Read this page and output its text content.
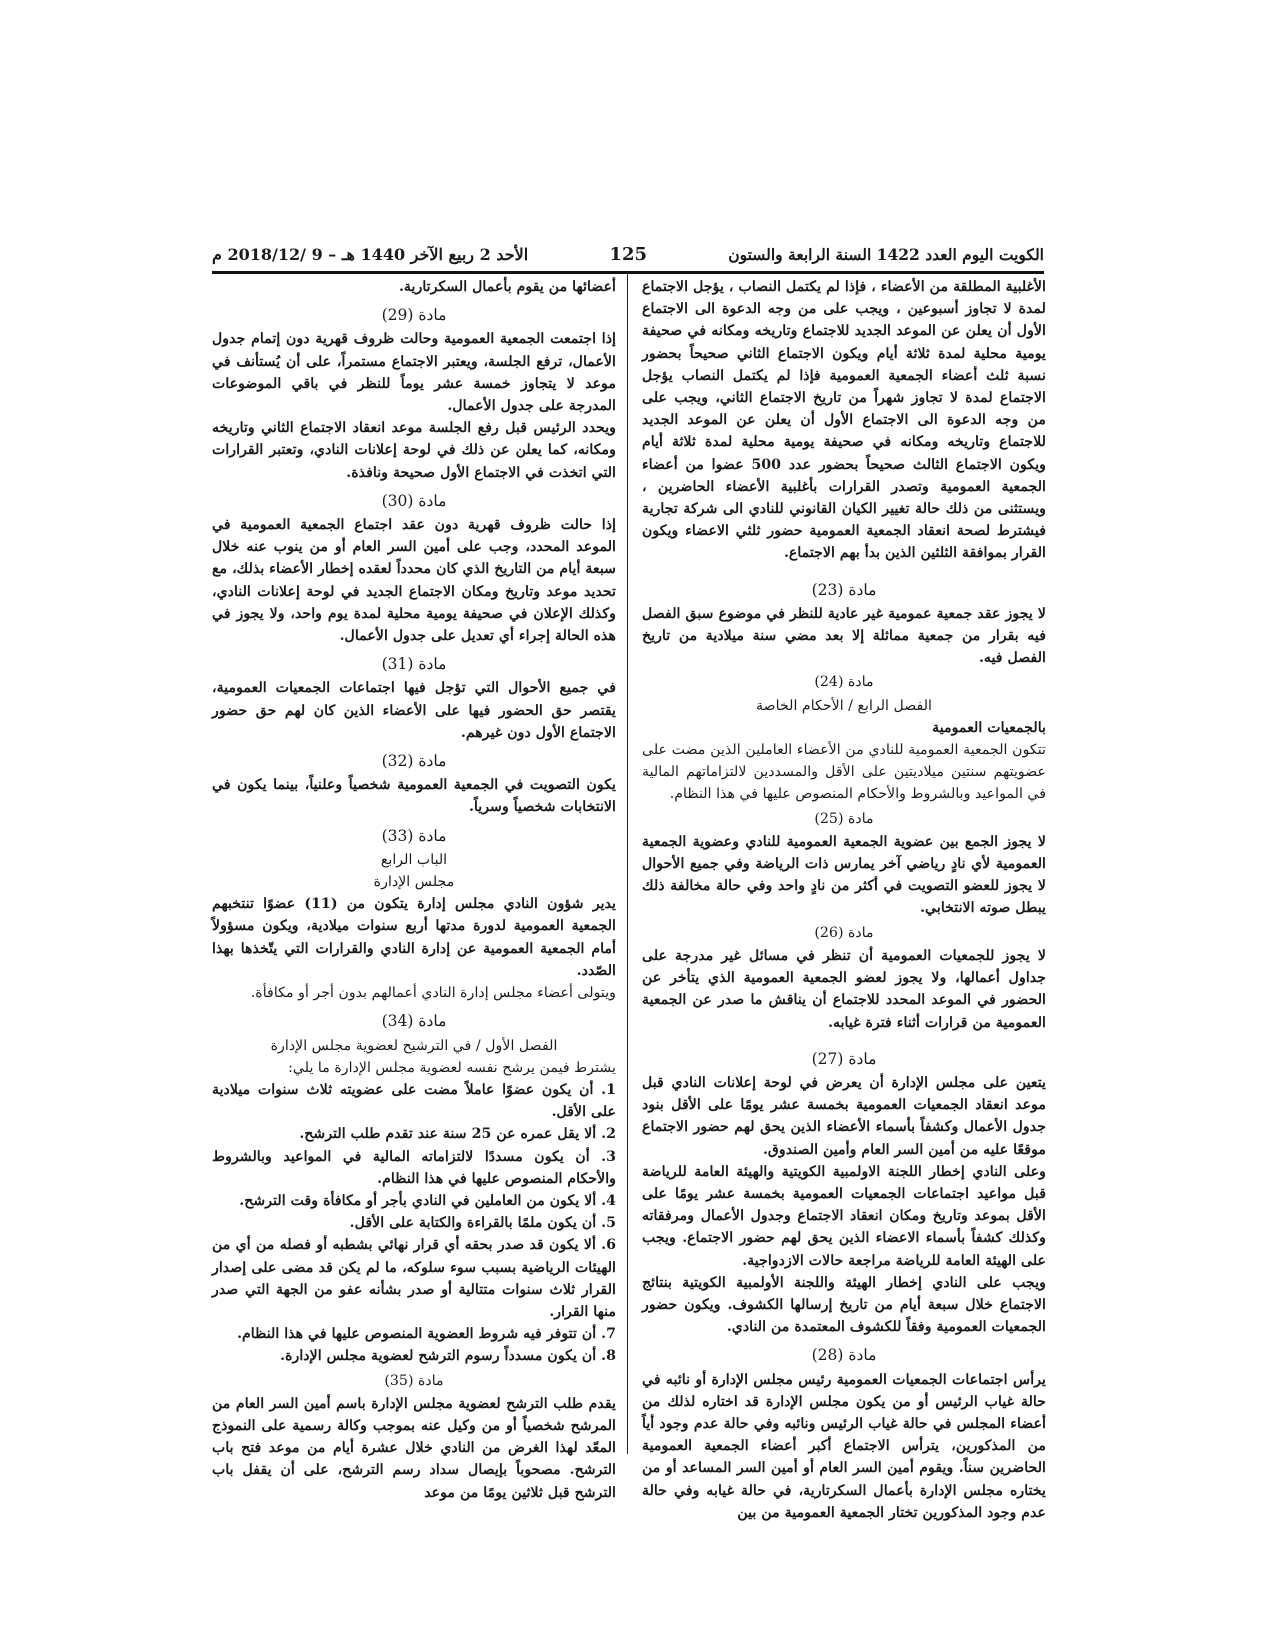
الكويت اليوم العدد 1422 السنة الرابعة والستون
125
الأحد 2 ربيع الآخر 1440 هـ – 9 /2018/12 م

الأغلبية المطلقة من الأعضاء ، فإذا لم يكتمل النصاب ، يؤجل الاجتماع لمدة لا تجاوز أسبوعين ، ويجب على من وجه الدعوة الى الاجتماع الأول أن يعلن عن الموعد الجديد للاجتماع وتاريخه ومكانه في صحيفة يومية محلية لمدة ثلاثة أيام ويكون الاجتماع الثاني صحيحاً بحضور نسبة ثلث أعضاء الجمعية العمومية فإذا لم يكتمل النصاب يؤجل الاجتماع لمدة لا تجاوز شهراً من تاريخ الاجتماع الثاني، ويجب على من وجه الدعوة الى الاجتماع الأول أن يعلن عن الموعد الجديد للاجتماع وتاريخه ومكانه في صحيفة يومية محلية لمدة ثلاثة أيام ويكون الاجتماع الثالث صحيحاً بحضور عدد 500 عضوا من أعضاء الجمعية العمومية وتصدر القرارات بأغلبية الأعضاء الحاضرين ، ويستثنى من ذلك حالة تغيير الكيان القانوني للنادي الى شركة تجارية فيشترط لصحة انعقاد الجمعية العمومية حضور ثلثي الاعضاء ويكون القرار بموافقة الثلثين الذين بدأ بهم الاجتماع.

مادة (23)

لا يجوز عقد جمعية عمومية غير عادية للنظر في موضوع سبق الفصل فيه بقرار من جمعية مماثلة إلا بعد مضي سنة ميلادية من تاريخ الفصل فيه.

مادة (24)

الفصل الرابع / الأحكام الخاصة

بالجمعيات العمومية

تتكون الجمعية العمومية للنادي من الأعضاء العاملين الذين مضت على عضويتهم سنتين ميلاديتين على الأقل والمسددين لالتزاماتهم المالية في المواعيد وبالشروط والأحكام المنصوص عليها في هذا النظام.

مادة (25)

لا يجوز الجمع بين عضوية الجمعية العمومية للنادي وعضوية الجمعية العمومية لأي نادٍ رياضي آخر يمارس ذات الرياضة وفي جميع الأحوال لا يجوز للعضو التصويت في أكثر من نادٍ واحد وفي حالة مخالفة ذلك يبطل صوته الانتخابي.

مادة (26)

لا يجوز للجمعيات العمومية أن تنظر في مسائل غير مدرجة على جداول أعمالها، ولا يجوز لعضو الجمعية العمومية الذي يتأخر عن الحضور في الموعد المحدد للاجتماع أن يناقش ما صدر عن الجمعية العمومية من قرارات أثناء فترة غيابه.

مادة (27)

يتعين على مجلس الإدارة أن يعرض في لوحة إعلانات النادي قبل موعد انعقاد الجمعيات العمومية بخمسة عشر يومًا على الأقل بنود جدول الأعمال وكشفاً بأسماء الأعضاء الذين يحق لهم حضور الاجتماع موقعًا عليه من أمين السر العام وأمين الصندوق.

وعلى النادي إخطار اللجنة الاولمبية الكويتية والهيئة العامة للرياضة قبل مواعيد اجتماعات الجمعيات العمومية بخمسة عشر يومًا على الأقل بموعد وتاريخ ومكان انعقاد الاجتماع وجدول الأعمال ومرفقاته وكذلك كشفاً بأسماء الاعضاء الذين يحق لهم حضور الاجتماع. ويجب على الهيئة العامة للرياضة مراجعة حالات الازدواجية.

ويجب على النادي إخطار الهيئة واللجنة الأولمبية الكويتية بنتائج الاجتماع خلال سبعة أيام من تاريخ إرسالها الكشوف. ويكون حضور الجمعيات العمومية وفقاً للكشوف المعتمدة من النادي.

مادة (28)

يرأس اجتماعات الجمعيات العمومية رئيس مجلس الإدارة أو نائبه في حالة غياب الرئيس أو من يكون مجلس الإدارة قد اختاره لذلك من أعضاء المجلس في حالة غياب الرئيس ونائبه وفي حالة عدم وجود أياً من المذكورين، يترأس الاجتماع أكبر أعضاء الجمعية العمومية الحاضرين سناً. ويقوم أمين السر العام أو أمين السر المساعد أو من يختاره مجلس الإدارة بأعمال السكرتارية، في حالة غيابه وفي حالة عدم وجود المذكورين تختار الجمعية العمومية من بين

أعضائها من يقوم بأعمال السكرتارية.

مادة (29)

إذا اجتمعت الجمعية العمومية وحالت ظروف قهرية دون إتمام جدول الأعمال، ترفع الجلسة، ويعتبر الاجتماع مستمراً، على أن يُستأنف في موعد لا يتجاوز خمسة عشر يوماً للنظر في باقي الموضوعات المدرجة على جدول الأعمال.

ويحدد الرئيس قبل رفع الجلسة موعد انعقاد الاجتماع الثاني وتاريخه ومكانه، كما يعلن عن ذلك في لوحة إعلانات النادي، وتعتبر القرارات التي اتخذت في الاجتماع الأول صحيحة ونافذة.

مادة (30)

إذا حالت ظروف قهرية دون عقد اجتماع الجمعية العمومية في الموعد المحدد، وجب على أمين السر العام أو من ينوب عنه خلال سبعة أيام من التاريخ الذي كان محدداً لعقده إخطار الأعضاء بذلك، مع تحديد موعد وتاريخ ومكان الاجتماع الجديد في لوحة إعلانات النادي، وكذلك الإعلان في صحيفة يومية محلية لمدة يوم واحد، ولا يجوز في هذه الحالة إجراء أي تعديل على جدول الأعمال.

مادة (31)

في جميع الأحوال التي تؤجل فيها اجتماعات الجمعيات العمومية، يقتصر حق الحضور فيها على الأعضاء الذين كان لهم حق حضور الاجتماع الأول دون غيرهم.

مادة (32)

يكون التصويت في الجمعية العمومية شخصياً وعلنياً، بينما يكون في الانتخابات شخصياً وسرياً.

مادة (33)

الباب الرابع

مجلس الإدارة

يدير شؤون النادي مجلس إدارة يتكون من (11) عضوًا تنتخبهم الجمعية العمومية لدورة مدتها أربع سنوات ميلادية، ويكون مسؤولاً أمام الجمعية العمومية عن إدارة النادي والقرارات التي يتّخذها بهذا الصّدد.

ويتولى أعضاء مجلس إدارة النادي أعمالهم بدون أجر أو مكافأة.

مادة (34)

الفصل الأول / في الترشيح لعضوية مجلس الإدارة

يشترط فيمن يرشح نفسه لعضوية مجلس الإدارة ما يلي:

1. أن يكون عضوًا عاملاً مضت على عضويته ثلاث سنوات ميلادية على الأقل.
2. ألا يقل عمره عن 25 سنة عند تقدم طلب الترشح.
3. أن يكون مسددًا لالتزاماته المالية في المواعيد وبالشروط والأحكام المنصوص عليها في هذا النظام.
4. ألا يكون من العاملين في النادي بأجر أو مكافأة وقت الترشح.
5. أن يكون ملمًا بالقراءة والكتابة على الأقل.
6. ألا يكون قد صدر بحقه أي قرار نهائي بشطبه أو فصله من أي من الهيئات الرياضية بسبب سوء سلوكه، ما لم يكن قد مضى على إصدار القرار ثلاث سنوات متتالية أو صدر بشأنه عفو من الجهة التي صدر منها القرار.
7. أن تتوفر فيه شروط العضوية المنصوص عليها في هذا النظام.
8. أن يكون مسدداً رسوم الترشح لعضوية مجلس الإدارة.

مادة (35)

يقدم طلب الترشح لعضوية مجلس الإدارة باسم أمين السر العام من المرشح شخصياً أو من وكيل عنه بموجب وكالة رسمية على النموذج المعّد لهذا الغرض من النادي خلال عشرة أيام من موعد فتح باب الترشح. مصحوباً بإيصال سداد رسم الترشح، على أن يقفل باب الترشح قبل ثلاثين يومًا من موعد
